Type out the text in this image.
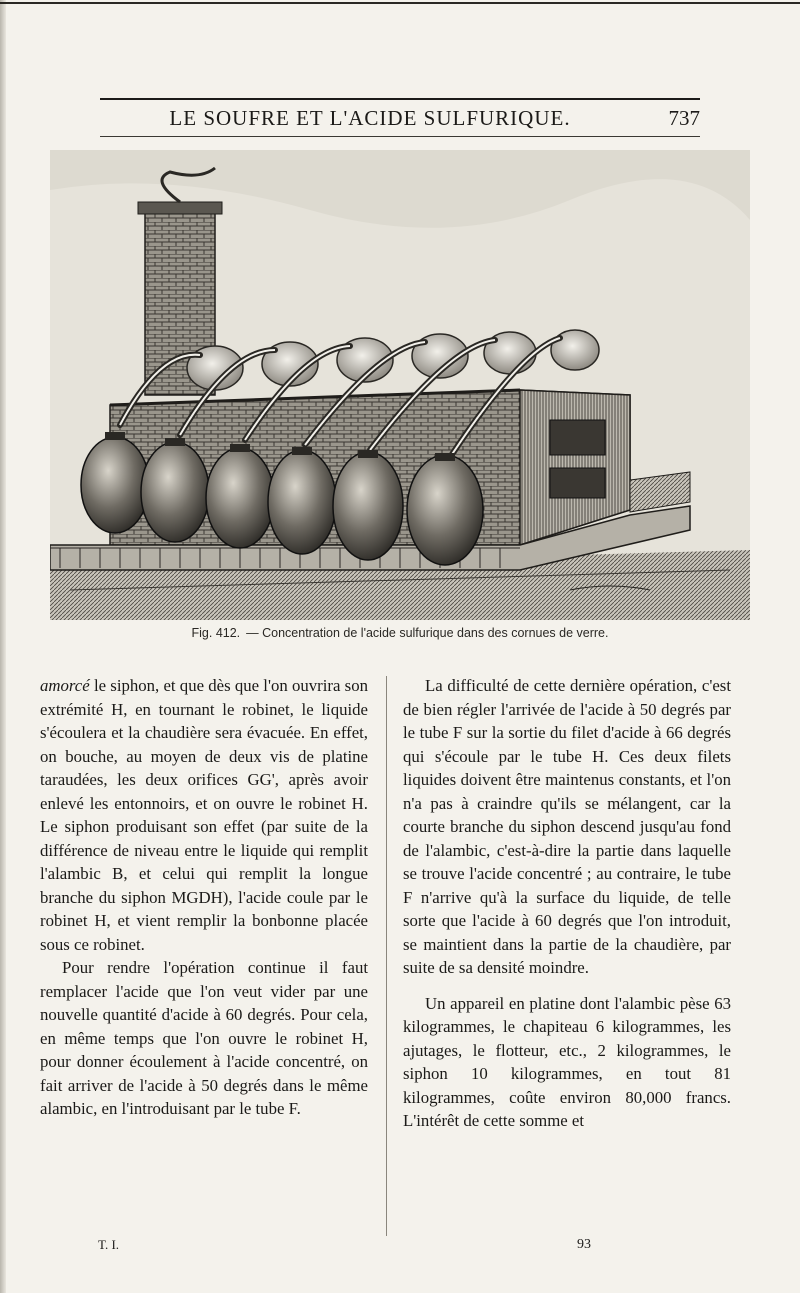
LE SOUFRE ET L'ACIDE SULFURIQUE.	737
Fig. 412. — Concentration de l'acide sulfurique dans des cornues de verre.

amorcé le siphon, et que dès que l'on ouvrira son extrémité H, en tournant le robinet, le liquide s'écoulera et la chaudière sera évacuée. En effet, on bouche, au moyen de deux vis de platine taraudées, les deux orifices GG', après avoir enlevé les entonnoirs, et on ouvre le robinet H. Le siphon produisant son effet (par suite de la différence de niveau entre le liquide qui remplit l'alambic B, et celui qui remplit la longue branche du siphon MGDH), l'acide coule par le robinet H, et vient remplir la bonbonne placée sous ce robinet.

Pour rendre l'opération continue il faut remplacer l'acide que l'on veut vider par une nouvelle quantité d'acide à 60 degrés. Pour cela, en même temps que l'on ouvre le robinet H, pour donner écoulement à l'acide concentré, on fait arriver de l'acide à 50 degrés dans le même alambic, en l'introduisant par le tube F.

La difficulté de cette dernière opération, c'est de bien régler l'arrivée de l'acide à 50 degrés par le tube F sur la sortie du filet d'acide à 66 degrés qui s'écoule par le tube H. Ces deux filets liquides doivent être maintenus constants, et l'on n'a pas à craindre qu'ils se mélangent, car la courte branche du siphon descend jusqu'au fond de l'alambic, c'est-à-dire la partie dans laquelle se trouve l'acide concentré ; au contraire, le tube F n'arrive qu'à la surface du liquide, de telle sorte que l'acide à 60 degrés que l'on introduit, se maintient dans la partie de la chaudière, par suite de sa densité moindre.

Un appareil en platine dont l'alambic pèse 63 kilogrammes, le chapiteau 6 kilogrammes, les ajutages, le flotteur, etc., 2 kilogrammes, le siphon 10 kilogrammes, en tout 81 kilogrammes, coûte environ 80,000 francs. L'intérêt de cette somme et

T. I.	93
